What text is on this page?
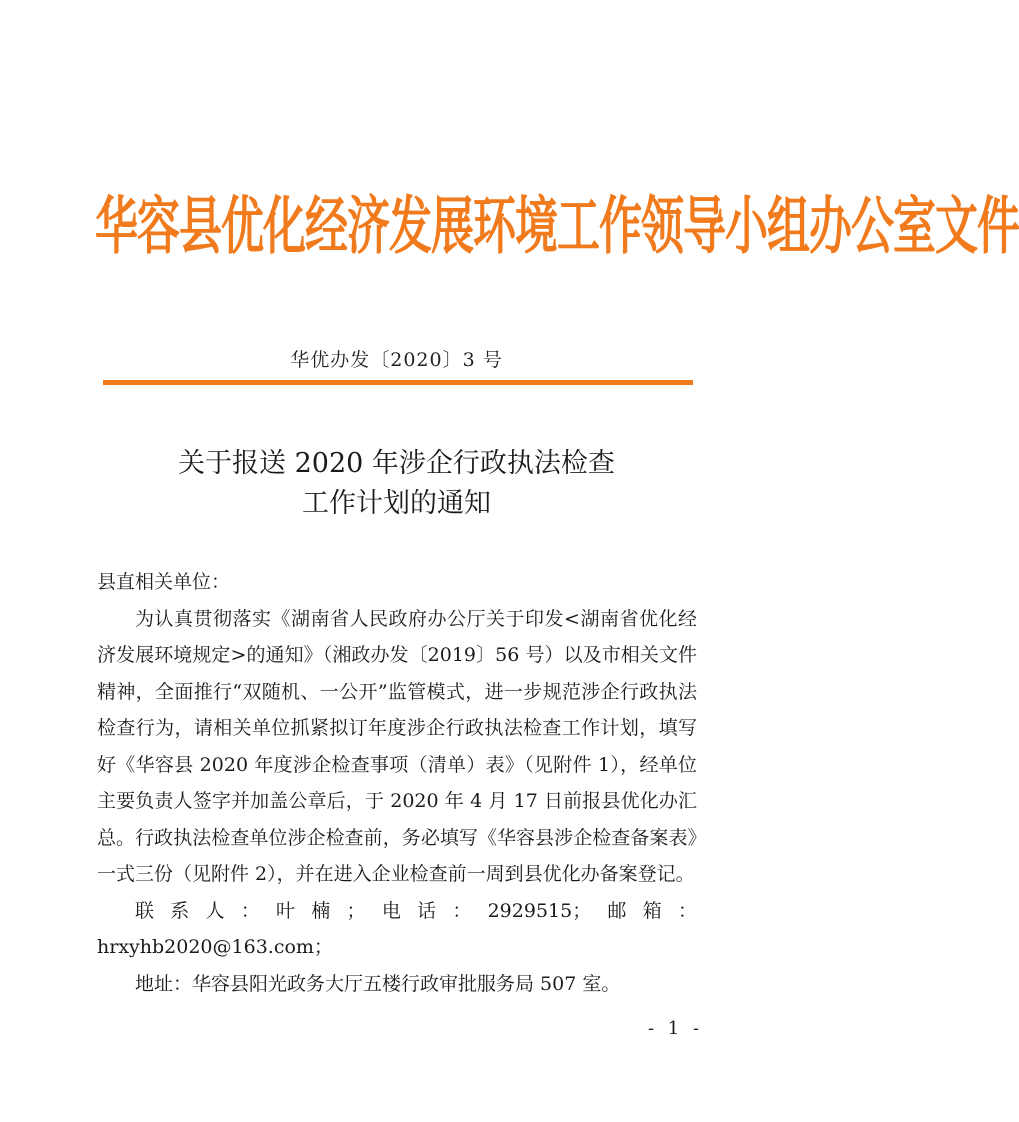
华容县优化经济发展环境工作领导小组办公室文件
华优办发〔2020〕3 号
关于报送 2020 年涉企行政执法检查
工作计划的通知

县直相关单位：

为认真贯彻落实《湖南省人民政府办公厅关于印发<湖南省优化经济发展环境规定>的通知》（湘政办发〔2019〕56 号）以及市相关文件精神，全面推行“双随机、一公开”监管模式，进一步规范涉企行政执法检查行为，请相关单位抓紧拟订年度涉企行政执法检查工作计划，填写好《华容县 2020 年度涉企检查事项（清单）表》（见附件 1），经单位主要负责人签字并加盖公章后，于 2020 年 4 月 17 日前报县优化办汇总。行政执法检查单位涉企检查前，务必填写《华容县涉企检查备案表》一式三份（见附件 2），并在进入企业检查前一周到县优化办备案登记。

联系人：叶楠；电话：2929515；邮箱：hrxyhb2020@163.com；

地址：华容县阳光政务大厅五楼行政审批服务局 507 室。

- 1 -
